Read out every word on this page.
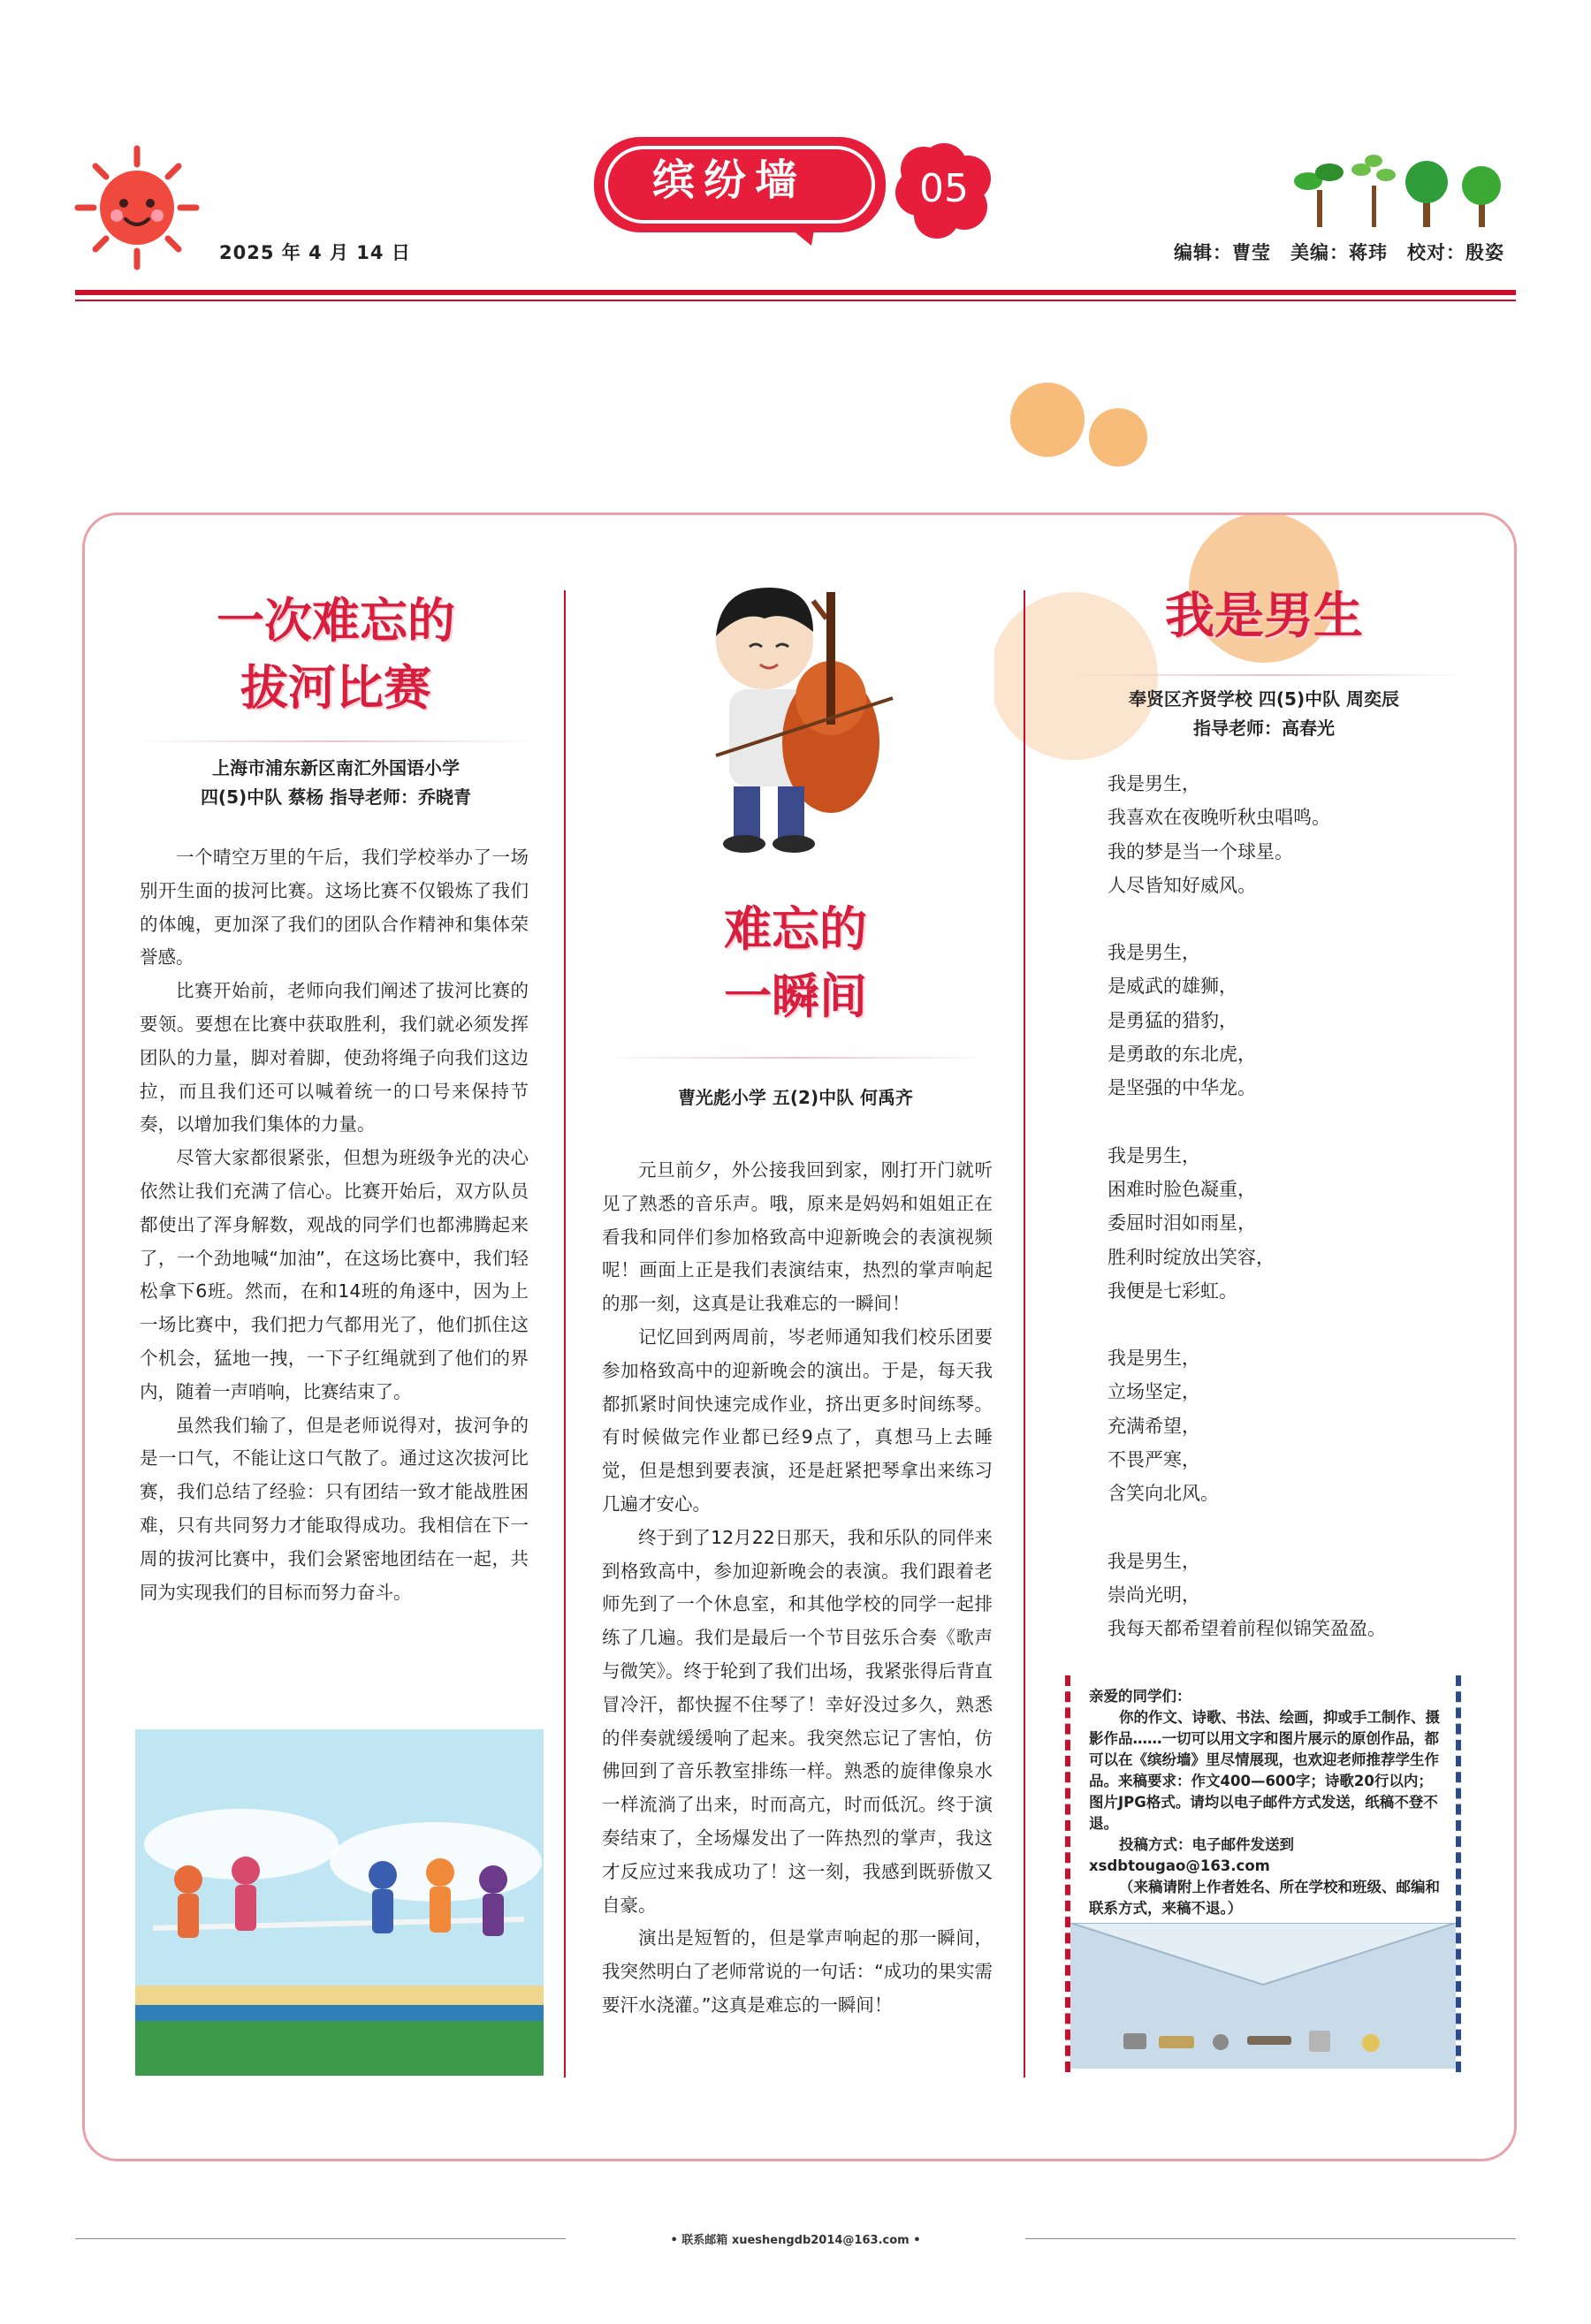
缤纷墙	05
2025 年 4 月 14 日	编辑：曹莹　美编：蒋玮　校对：殷姿
一次难忘的
拔河比赛
上海市浦东新区南汇外国语小学
四(5)中队 蔡杨 指导老师：乔晓青

一个晴空万里的午后，我们学校举办了一场别开生面的拔河比赛。这场比赛不仅锻炼了我们的体魄，更加深了我们的团队合作精神和集体荣誉感。

比赛开始前，老师向我们阐述了拔河比赛的要领。要想在比赛中获取胜利，我们就必须发挥团队的力量，脚对着脚，使劲将绳子向我们这边拉，而且我们还可以喊着统一的口号来保持节奏，以增加我们集体的力量。

尽管大家都很紧张，但想为班级争光的决心依然让我们充满了信心。比赛开始后，双方队员都使出了浑身解数，观战的同学们也都沸腾起来了，一个劲地喊“加油”，在这场比赛中，我们轻松拿下6班。然而，在和14班的角逐中，因为上一场比赛中，我们把力气都用光了，他们抓住这个机会，猛地一拽，一下子红绳就到了他们的界内，随着一声哨响，比赛结束了。

虽然我们输了，但是老师说得对，拔河争的是一口气，不能让这口气散了。通过这次拔河比赛，我们总结了经验：只有团结一致才能战胜困难，只有共同努力才能取得成功。我相信在下一周的拔河比赛中，我们会紧密地团结在一起，共同为实现我们的目标而努力奋斗。

难忘的
一瞬间
曹光彪小学 五(2)中队 何禹齐

元旦前夕，外公接我回到家，刚打开门就听见了熟悉的音乐声。哦，原来是妈妈和姐姐正在看我和同伴们参加格致高中迎新晚会的表演视频呢！画面上正是我们表演结束，热烈的掌声响起的那一刻，这真是让我难忘的一瞬间！

记忆回到两周前，岑老师通知我们校乐团要参加格致高中的迎新晚会的演出。于是，每天我都抓紧时间快速完成作业，挤出更多时间练琴。有时候做完作业都已经9点了，真想马上去睡觉，但是想到要表演，还是赶紧把琴拿出来练习几遍才安心。

终于到了12月22日那天，我和乐队的同伴来到格致高中，参加迎新晚会的表演。我们跟着老师先到了一个休息室，和其他学校的同学一起排练了几遍。我们是最后一个节目弦乐合奏《歌声与微笑》。终于轮到了我们出场，我紧张得后背直冒冷汗，都快握不住琴了！幸好没过多久，熟悉的伴奏就缓缓响了起来。我突然忘记了害怕，仿佛回到了音乐教室排练一样。熟悉的旋律像泉水一样流淌了出来，时而高亢，时而低沉。终于演奏结束了，全场爆发出了一阵热烈的掌声，我这才反应过来我成功了！这一刻，我感到既骄傲又自豪。

演出是短暂的，但是掌声响起的那一瞬间，我突然明白了老师常说的一句话：“成功的果实需要汗水浇灌。”这真是难忘的一瞬间！

我是男生
奉贤区齐贤学校 四(5)中队 周奕辰
指导老师：高春光
我是男生，
我喜欢在夜晚听秋虫唱鸣。
我的梦是当一个球星。
人尽皆知好威风。
我是男生，
是威武的雄狮，
是勇猛的猎豹，
是勇敢的东北虎，
是坚强的中华龙。
我是男生，
困难时脸色凝重，
委屈时泪如雨星，
胜利时绽放出笑容，
我便是七彩虹。
我是男生，
立场坚定，
充满希望，
不畏严寒，
含笑向北风。
我是男生，
崇尚光明，
我每天都希望着前程似锦笑盈盈。

亲爱的同学们：

你的作文、诗歌、书法、绘画，抑或手工制作、摄影作品……一切可以用文字和图片展示的原创作品，都可以在《缤纷墙》里尽情展现，也欢迎老师推荐学生作品。来稿要求：作文400—600字；诗歌20行以内；图片JPG格式。请均以电子邮件方式发送，纸稿不登不退。

投稿方式：电子邮件发送到xsdbtougao@163.com

（来稿请附上作者姓名、所在学校和班级、邮编和联系方式，来稿不退。）

• 联系邮箱 xueshengdb2014@163.com •
